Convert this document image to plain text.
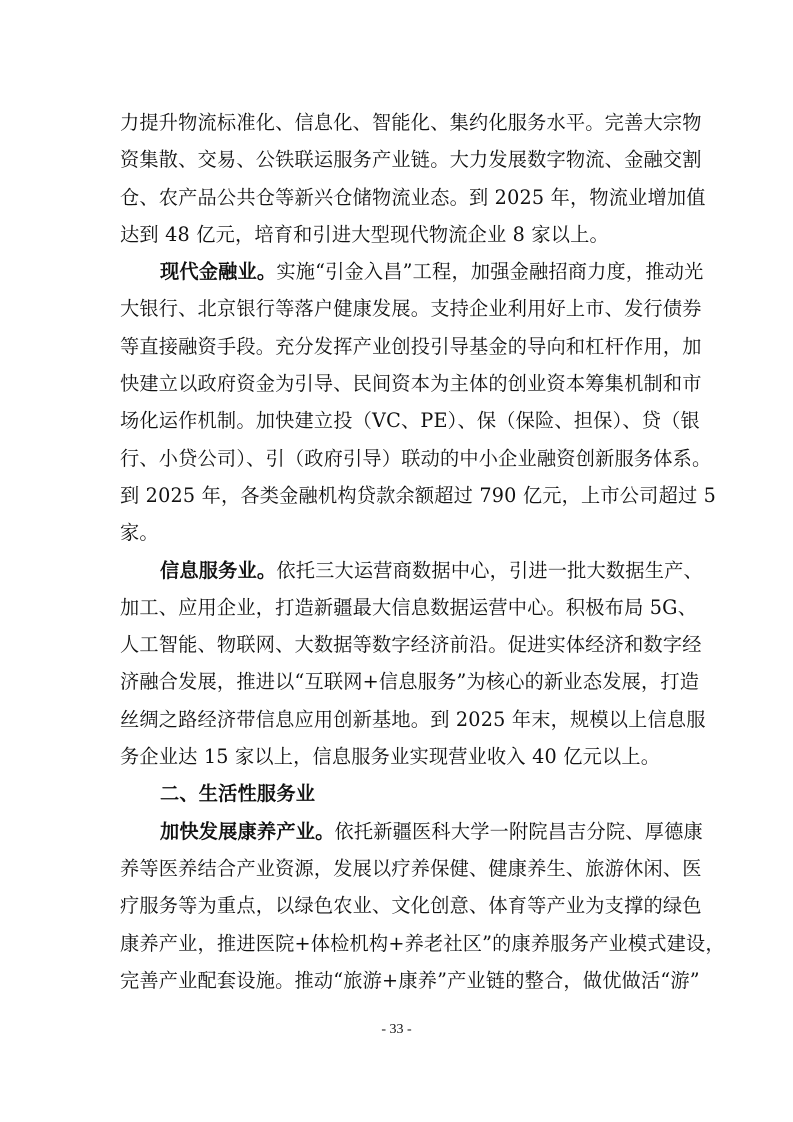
力提升物流标准化、信息化、智能化、集约化服务水平。完善大宗物
资集散、交易、公铁联运服务产业链。大力发展数字物流、金融交割
仓、农产品公共仓等新兴仓储物流业态。到 2025 年，物流业增加值
达到 48 亿元，培育和引进大型现代物流企业 8 家以上。
现代金融业。实施“引金入昌”工程，加强金融招商力度，推动光
大银行、北京银行等落户健康发展。支持企业利用好上市、发行债券
等直接融资手段。充分发挥产业创投引导基金的导向和杠杆作用，加
快建立以政府资金为引导、民间资本为主体的创业资本筹集机制和市
场化运作机制。加快建立投（VC、PE）、保（保险、担保）、贷（银
行、小贷公司）、引（政府引导）联动的中小企业融资创新服务体系。
到 2025 年，各类金融机构贷款余额超过 790 亿元，上市公司超过 5
家。
信息服务业。依托三大运营商数据中心，引进一批大数据生产、
加工、应用企业，打造新疆最大信息数据运营中心。积极布局 5G、
人工智能、物联网、大数据等数字经济前沿。促进实体经济和数字经
济融合发展，推进以“互联网+信息服务”为核心的新业态发展，打造
丝绸之路经济带信息应用创新基地。到 2025 年末，规模以上信息服
务企业达 15 家以上，信息服务业实现营业收入 40 亿元以上。
二、生活性服务业
加快发展康养产业。依托新疆医科大学一附院昌吉分院、厚德康
养等医养结合产业资源，发展以疗养保健、健康养生、旅游休闲、医
疗服务等为重点，以绿色农业、文化创意、体育等产业为支撑的绿色
康养产业，推进医院+体检机构+养老社区”的康养服务产业模式建设，
完善产业配套设施。推动“旅游+康养”产业链的整合，做优做活“游”
- 33 -
